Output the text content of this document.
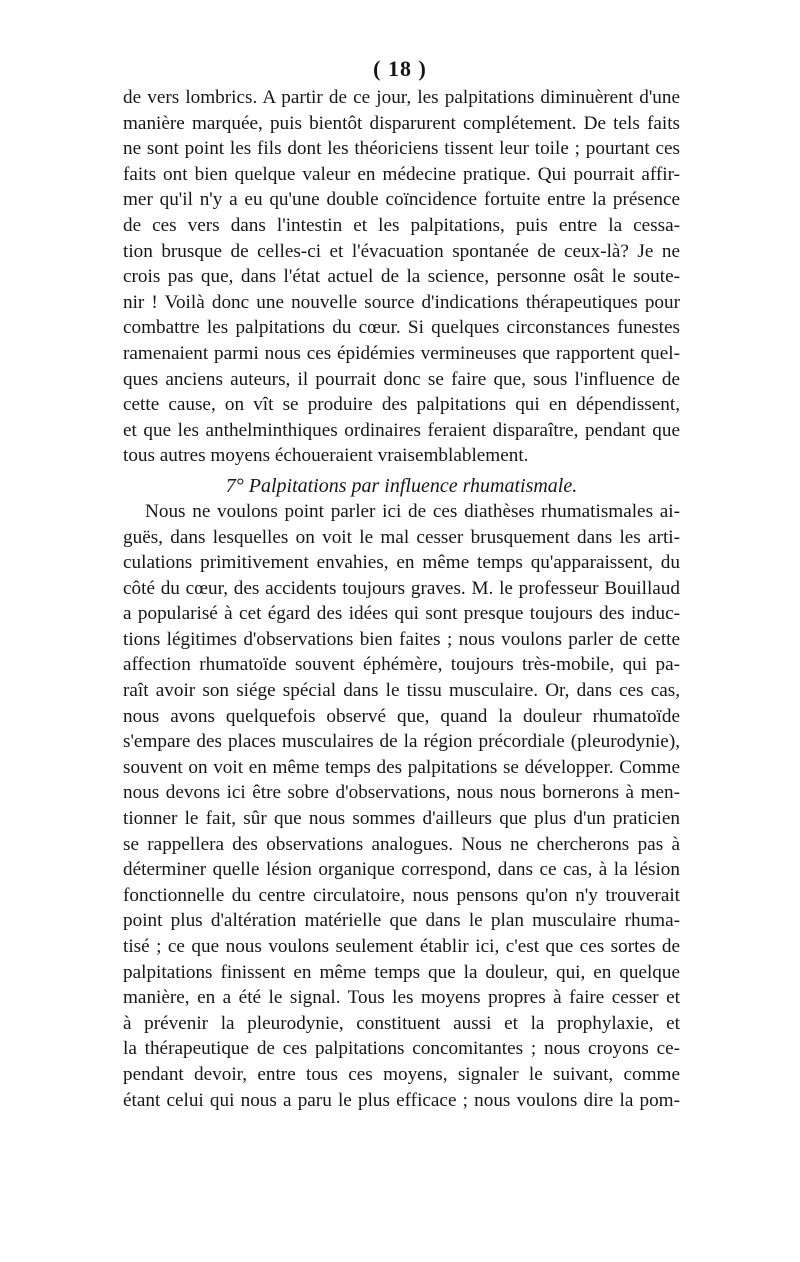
( 18 )
de vers lombrics. A partir de ce jour, les palpitations diminuèrent d'une
manière marquée, puis bientôt disparurent complétement. De tels faits
ne sont point les fils dont les théoriciens tissent leur toile ; pourtant ces
faits ont bien quelque valeur en médecine pratique. Qui pourrait affir-
mer qu'il n'y a eu qu'une double coïncidence fortuite entre la présence
de ces vers dans l'intestin et les palpitations, puis entre la cessa-
tion brusque de celles-ci et l'évacuation spontanée de ceux-là? Je ne
crois pas que, dans l'état actuel de la science, personne osât le soute-
nir ! Voilà donc une nouvelle source d'indications thérapeutiques pour
combattre les palpitations du cœur. Si quelques circonstances funestes
ramenaient parmi nous ces épidémies vermineuses que rapportent quel-
ques anciens auteurs, il pourrait donc se faire que, sous l'influence de
cette cause, on vît se produire des palpitations qui en dépendissent,
et que les anthelminthiques ordinaires feraient disparaître, pendant que
tous autres moyens échoueraient vraisemblablement.
7° Palpitations par influence rhumatismale.
Nous ne voulons point parler ici de ces diathèses rhumatismales ai-
guës, dans lesquelles on voit le mal cesser brusquement dans les arti-
culations primitivement envahies, en même temps qu'apparaissent, du
côté du cœur, des accidents toujours graves. M. le professeur Bouillaud
a popularisé à cet égard des idées qui sont presque toujours des induc-
tions légitimes d'observations bien faites ; nous voulons parler de cette
affection rhumatoïde souvent éphémère, toujours très-mobile, qui pa-
raît avoir son siége spécial dans le tissu musculaire. Or, dans ces cas,
nous avons quelquefois observé que, quand la douleur rhumatoïde
s'empare des places musculaires de la région précordiale (pleurodynie),
souvent on voit en même temps des palpitations se développer. Comme
nous devons ici être sobre d'observations, nous nous bornerons à men-
tionner le fait, sûr que nous sommes d'ailleurs que plus d'un praticien
se rappellera des observations analogues. Nous ne chercherons pas à
déterminer quelle lésion organique correspond, dans ce cas, à la lésion
fonctionnelle du centre circulatoire, nous pensons qu'on n'y trouverait
point plus d'altération matérielle que dans le plan musculaire rhuma-
tisé ; ce que nous voulons seulement établir ici, c'est que ces sortes de
palpitations finissent en même temps que la douleur, qui, en quelque
manière, en a été le signal. Tous les moyens propres à faire cesser et
à prévenir la pleurodynie, constituent aussi et la prophylaxie, et
la thérapeutique de ces palpitations concomitantes ; nous croyons ce-
pendant devoir, entre tous ces moyens, signaler le suivant, comme
étant celui qui nous a paru le plus efficace ; nous voulons dire la pom-
